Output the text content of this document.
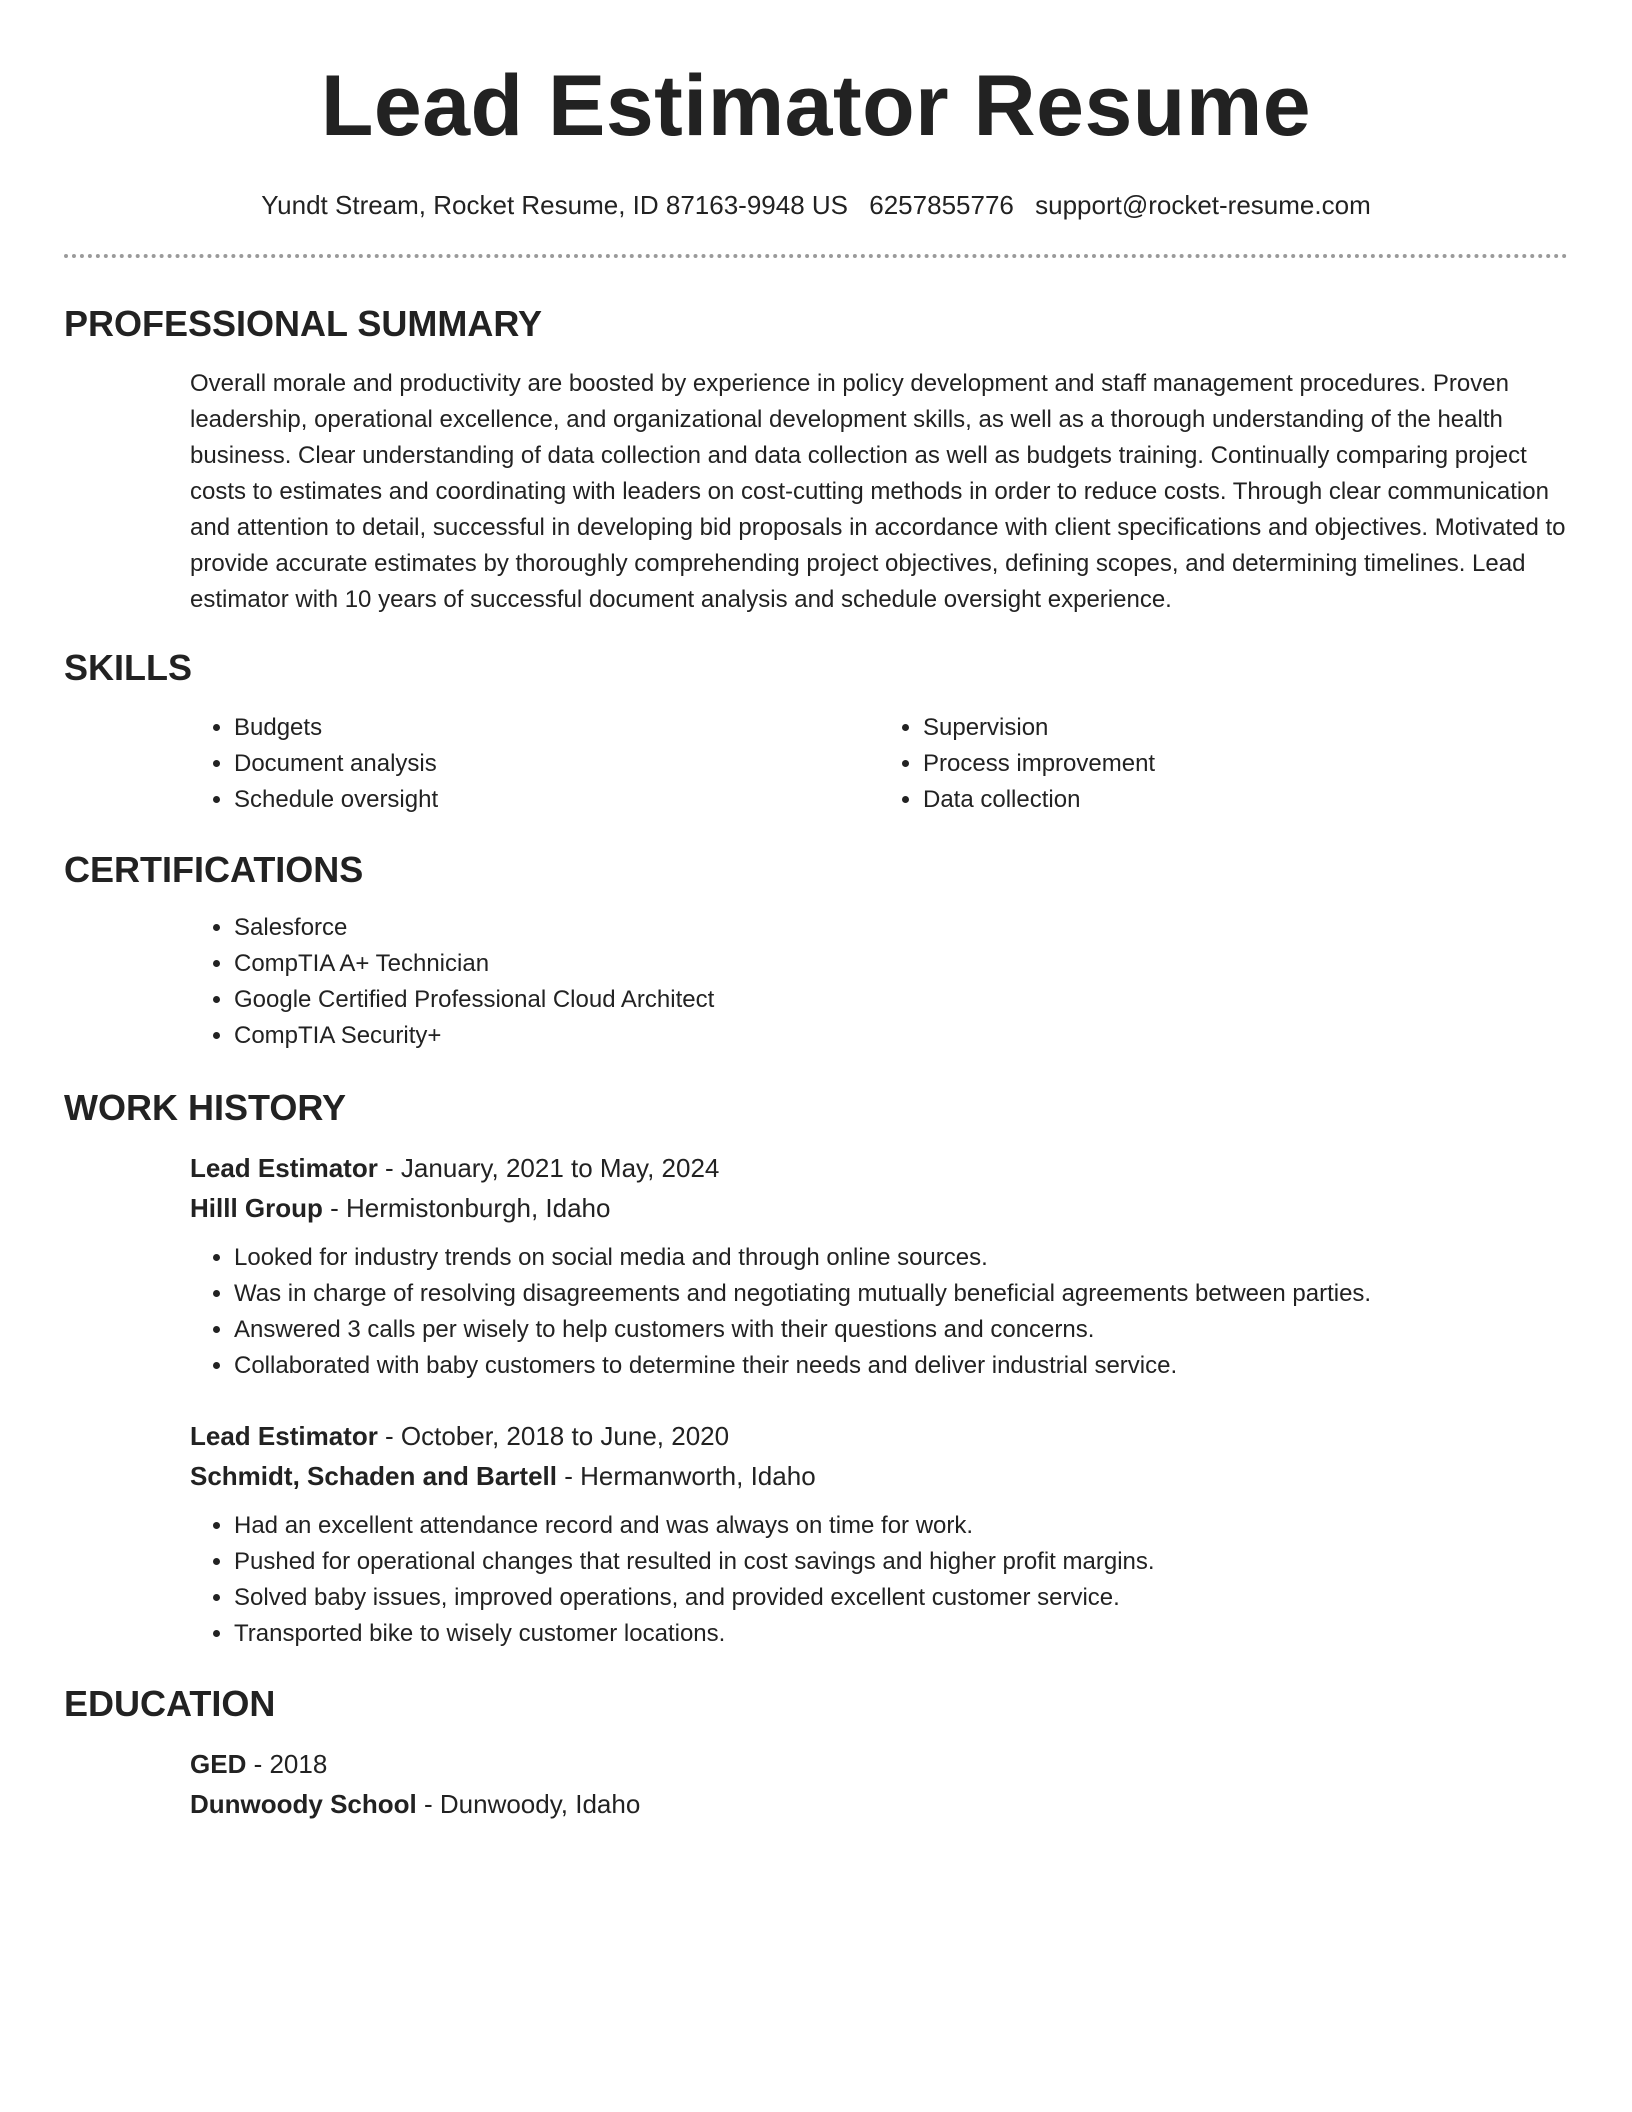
Lead Estimator Resume
Yundt Stream, Rocket Resume, ID 87163-9948 US 6257855776 support@rocket-resume.com
PROFESSIONAL SUMMARY

Overall morale and productivity are boosted by experience in policy development and staff management procedures. Proven leadership, operational excellence, and organizational development skills, as well as a thorough understanding of the health business. Clear understanding of data collection and data collection as well as budgets training. Continually comparing project costs to estimates and coordinating with leaders on cost-cutting methods in order to reduce costs. Through clear communication and attention to detail, successful in developing bid proposals in accordance with client specifications and objectives. Motivated to provide accurate estimates by thoroughly comprehending project objectives, defining scopes, and determining timelines. Lead estimator with 10 years of successful document analysis and schedule oversight experience.

SKILLS
• Budgets
• Document analysis
• Schedule oversight
• Supervision
• Process improvement
• Data collection
CERTIFICATIONS
• Salesforce
• CompTIA A+ Technician
• Google Certified Professional Cloud Architect
• CompTIA Security+
WORK HISTORY
Lead Estimator - January, 2021 to May, 2024
Hilll Group - Hermistonburgh, Idaho
• Looked for industry trends on social media and through online sources.
• Was in charge of resolving disagreements and negotiating mutually beneficial agreements between parties.
• Answered 3 calls per wisely to help customers with their questions and concerns.
• Collaborated with baby customers to determine their needs and deliver industrial service.
Lead Estimator - October, 2018 to June, 2020
Schmidt, Schaden and Bartell - Hermanworth, Idaho
• Had an excellent attendance record and was always on time for work.
• Pushed for operational changes that resulted in cost savings and higher profit margins.
• Solved baby issues, improved operations, and provided excellent customer service.
• Transported bike to wisely customer locations.
EDUCATION
GED - 2018
Dunwoody School - Dunwoody, Idaho
